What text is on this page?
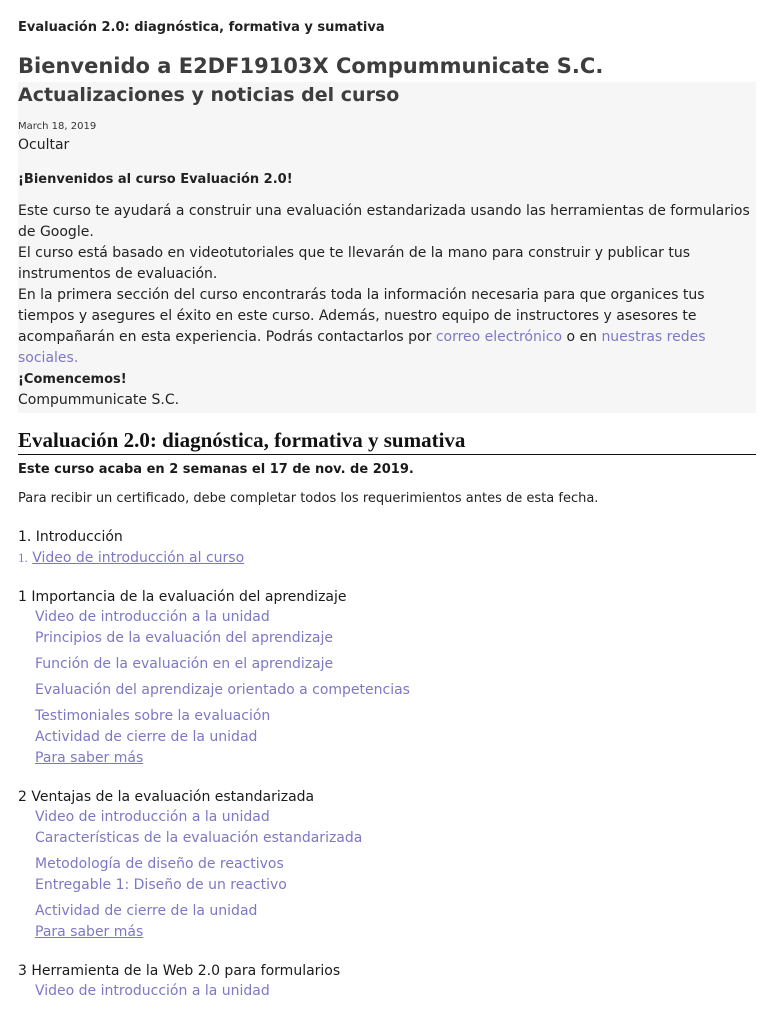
Evaluación 2.0: diagnóstica, formativa y sumativa

Bienvenido a E2DF19103X Compummunicate S.C.
Actualizaciones y noticias del curso

March 18, 2019

Ocultar

¡Bienvenidos al curso Evaluación 2.0!

Este curso te ayudará a construir una evaluación estandarizada usando las herramientas de formularios de Google.

El curso está basado en videotutoriales que te llevarán de la mano para construir y publicar tus instrumentos de evaluación.

En la primera sección del curso encontrarás toda la información necesaria para que organices tus tiempos y asegures el éxito en este curso. Además, nuestro equipo de instructores y asesores te acompañarán en esta experiencia. Podrás contactarlos por correo electrónico o en nuestras redes sociales.

¡Comencemos!

Compummunicate S.C.

Evaluación 2.0: diagnóstica, formativa y sumativa

Este curso acaba en 2 semanas el 17 de nov. de 2019.

Para recibir un certificado, debe completar todos los requerimientos antes de esta fecha.

1. Introducción
1. Video de introducción al curso
1 Importancia de la evaluación del aprendizaje
Video de introducción a la unidad
Principios de la evaluación del aprendizaje
Función de la evaluación en el aprendizaje
Evaluación del aprendizaje orientado a competencias
Testimoniales sobre la evaluación
Actividad de cierre de la unidad
Para saber más
2 Ventajas de la evaluación estandarizada
Video de introducción a la unidad
Características de la evaluación estandarizada
Metodología de diseño de reactivos
Entregable 1: Diseño de un reactivo
Actividad de cierre de la unidad
Para saber más
3 Herramienta de la Web 2.0 para formularios
Video de introducción a la unidad
